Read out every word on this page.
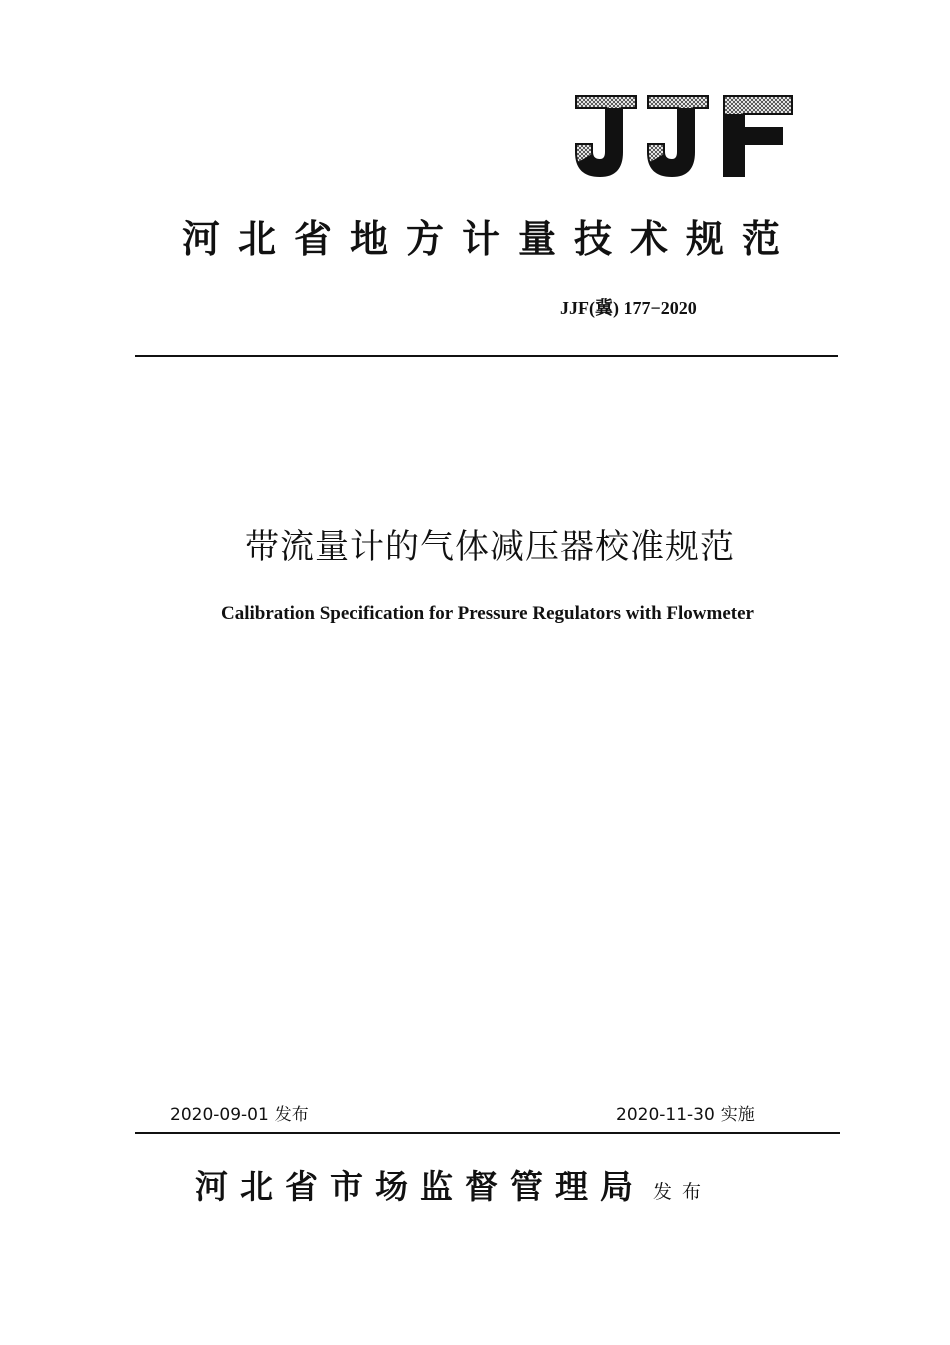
河北省地方计量技术规范
JJF(冀) 177−2020
带流量计的气体减压器校准规范
Calibration Specification for Pressure Regulators with Flowmeter
2020-09-01 发布	2020-11-30 实施
河北省市场监督管理局 发布
